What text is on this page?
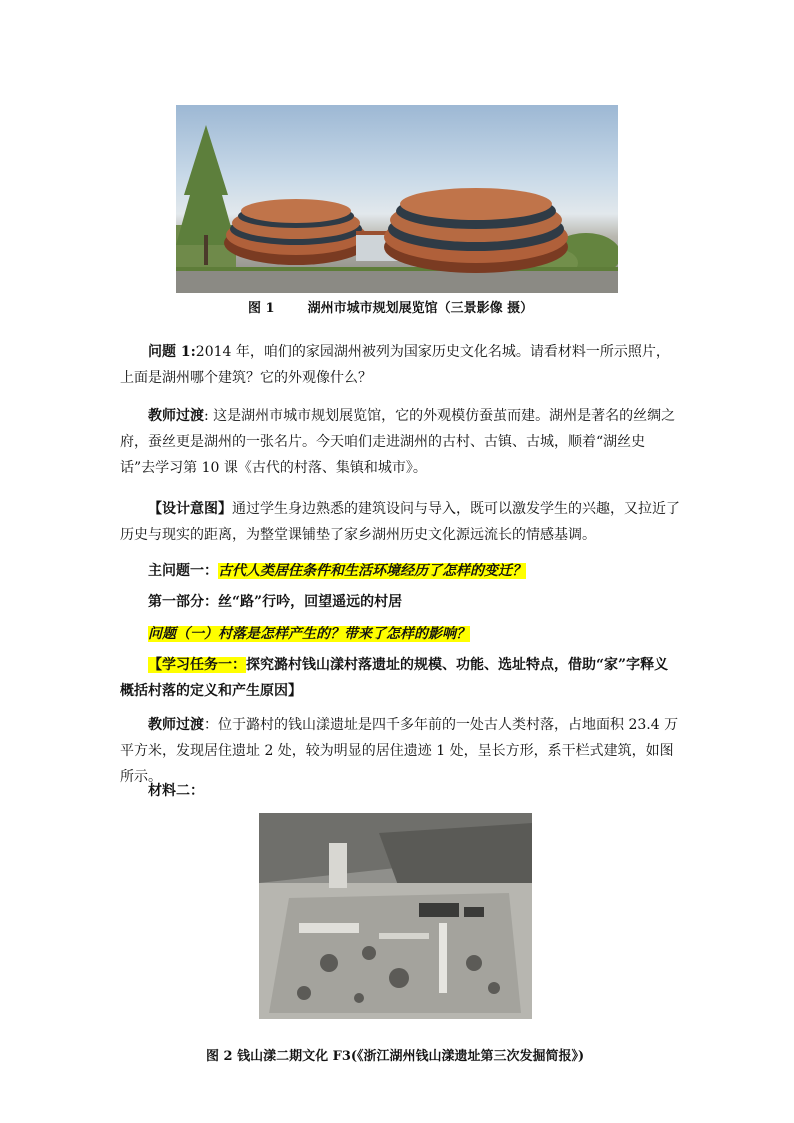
图 1	湖州市城市规划展览馆（三景影像 摄）
问题 1:2014 年，咱们的家园湖州被列为国家历史文化名城。请看材料一所示照片，上面是湖州哪个建筑？它的外观像什么？
教师过渡: 这是湖州市城市规划展览馆，它的外观模仿蚕茧而建。湖州是著名的丝绸之府，蚕丝更是湖州的一张名片。今天咱们走进湖州的古村、古镇、古城，顺着“湖丝史话”去学习第 10 课《古代的村落、集镇和城市》。
【设计意图】通过学生身边熟悉的建筑设问与导入，既可以激发学生的兴趣，又拉近了历史与现实的距离，为整堂课铺垫了家乡湖州历史文化源远流长的情感基调。
主问题一：古代人类居住条件和生活环境经历了怎样的变迁？
第一部分：丝“路”行吟，回望遥远的村居
问题（一）村落是怎样产生的？带来了怎样的影响？
【学习任务一：探究潞村钱山漾村落遗址的规模、功能、选址特点，借助“家”字释义概括村落的定义和产生原因】
教师过渡：位于潞村的钱山漾遗址是四千多年前的一处古人类村落，占地面积 23.4 万平方米，发现居住遗址 2 处，较为明显的居住遗迹 1 处，呈长方形，系干栏式建筑，如图所示。
材料二：
图 2 钱山漾二期文化 F3(《浙江湖州钱山漾遗址第三次发掘简报》)
